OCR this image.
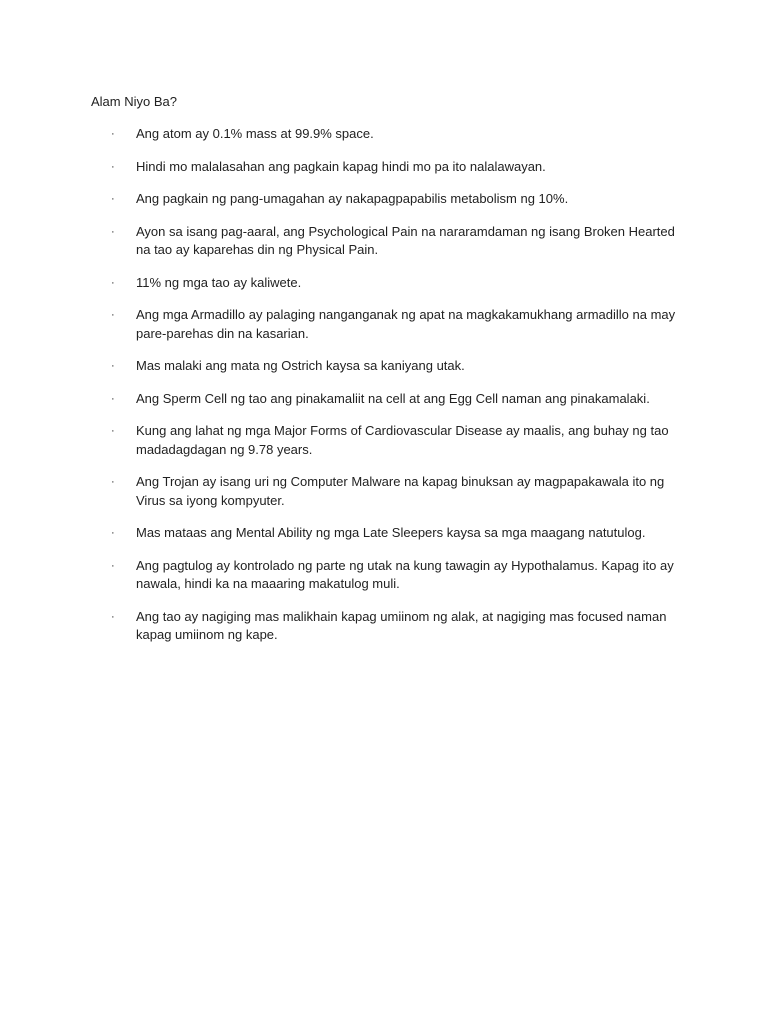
Alam Niyo Ba?
·	Ang atom ay 0.1% mass at 99.9% space.
·	Hindi mo malalasahan ang pagkain kapag hindi mo pa ito nalalawayan.
·	Ang pagkain ng pang-umagahan ay nakapagpapabilis metabolism ng 10%.
·	Ayon sa isang pag-aaral, ang Psychological Pain na nararamdaman ng isang Broken Hearted na tao ay kaparehas din ng Physical Pain.
·	11% ng mga tao ay kaliwete.
·	Ang mga Armadillo ay palaging nanganganak ng apat na magkakamukhang armadillo na may pare-parehas din na kasarian.
·	Mas malaki ang mata ng Ostrich kaysa sa kaniyang utak.
·	Ang Sperm Cell ng tao ang pinakamaliit na cell at ang Egg Cell naman ang pinakamalaki.
·	Kung ang lahat ng mga Major Forms of Cardiovascular Disease ay maalis, ang buhay ng tao madadagdagan ng 9.78 years.
·	Ang Trojan ay isang uri ng Computer Malware na kapag binuksan ay magpapakawala ito ng Virus sa iyong kompyuter.
·	Mas mataas ang Mental Ability ng mga Late Sleepers kaysa sa mga maagang natutulog.
·	Ang pagtulog ay kontrolado ng parte ng utak na kung tawagin ay Hypothalamus. Kapag ito ay nawala, hindi ka na maaaring makatulog muli.
·	Ang tao ay nagiging mas malikhain kapag umiinom ng alak, at nagiging mas focused naman kapag umiinom ng kape.
